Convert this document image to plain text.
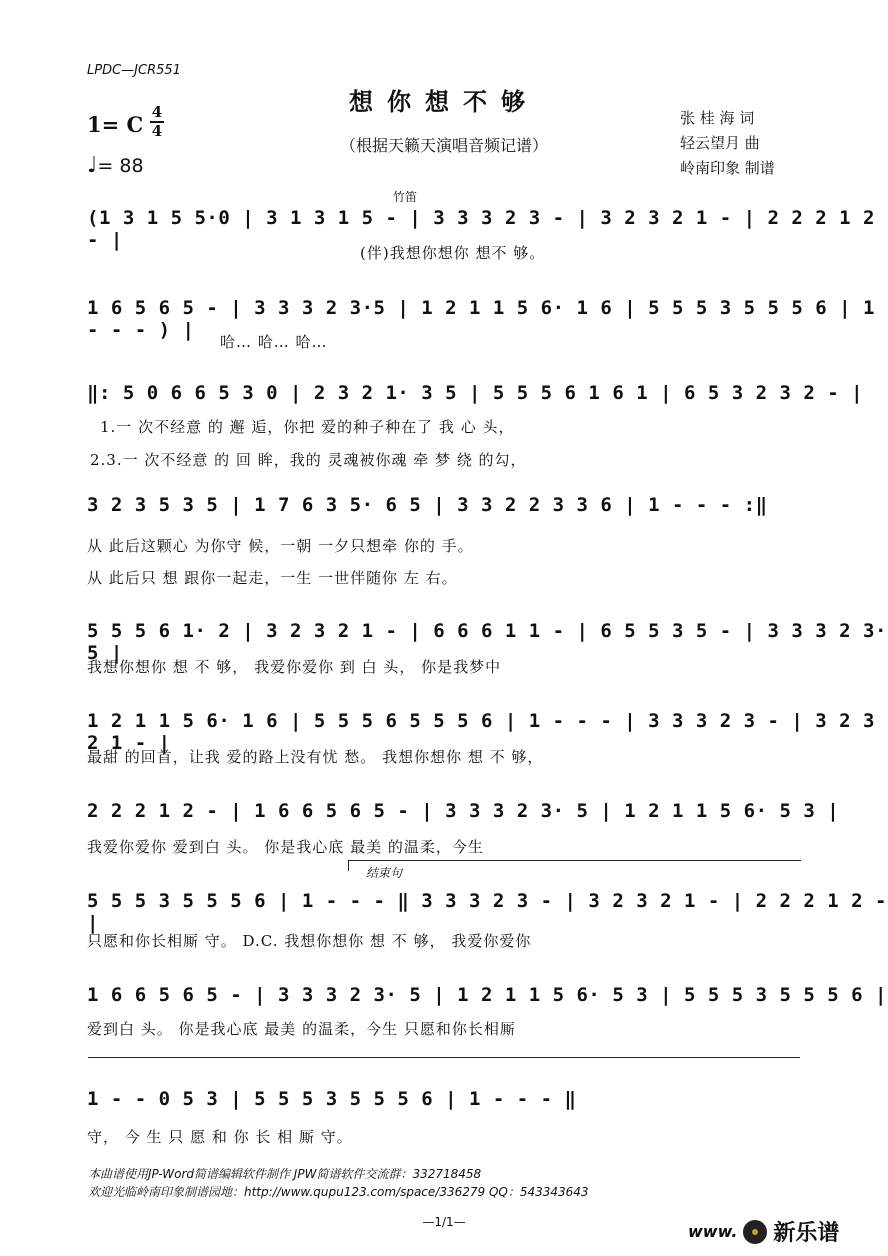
LPDC—JCR551
想你想不够
（根据天籁天演唱音频记谱）
张 桂 海 词
轻云望月 曲
岭南印象 制谱
1= C 4
4
♩= 88
竹笛
(1 3 1 5 5·0 | 3 1 3 1 5 - | 3 3 3 2 3 - | 3 2 3 2 1 - | 2 2 2 1 2 - |
(伴)我想你想你 想不 够。
1 6 5 6 5 - | 3 3 3 2 3·5 | 1 2 1 1 5 6· 1 6 | 5 5 5 3 5 5 5 6 | 1 - - - ) |
哈… 哈… 哈…
‖: 5 0 6 6 5 3 0 | 2 3 2 1· 3 5 | 5 5 5 6 1 6 1 | 6 5 3 2 3 2 - |
1.一 次不经意 的 邂 逅，你把 爱的种子种在了 我 心 头，
2.3.一 次不经意 的 回 眸，我的 灵魂被你魂 牵 梦 绕 的勾，
3 2 3 5 3 5 | 1 7 6 3 5· 6 5 | 3 3 2 2 3 3 6 | 1 - - - :‖
从 此后这颗心 为你守 候，一朝 一夕只想牵 你的 手。
从 此后只 想 跟你一起走，一生 一世伴随你 左 右。
5 5 5 6 1· 2 | 3 2 3 2 1 - | 6 6 6 1 1 - | 6 5 5 3 5 - | 3 3 3 2 3· 5 |
我想你想你 想 不 够， 我爱你爱你 到 白 头， 你是我梦中
1 2 1 1 5 6· 1 6 | 5 5 5 6 5 5 5 6 | 1 - - - | 3 3 3 2 3 - | 3 2 3 2 1 - |
最甜 的回首，让我 爱的路上没有忧 愁。 我想你想你 想 不 够，
2 2 2 1 2 - | 1 6 6 5 6 5 - | 3 3 3 2 3· 5 | 1 2 1 1 5 6· 5 3 |
我爱你爱你 爱到白 头。 你是我心底 最美 的温柔，今生
结束句
5 5 5 3 5 5 5 6 | 1 - - - ‖ 3 3 3 2 3 - | 3 2 3 2 1 - | 2 2 2 1 2 - |
只愿和你长相厮 守。 D.C. 我想你想你 想 不 够， 我爱你爱你
1 6 6 5 6 5 - | 3 3 3 2 3· 5 | 1 2 1 1 5 6· 5 3 | 5 5 5 3 5 5 5 6 |
爱到白 头。 你是我心底 最美 的温柔，今生 只愿和你长相厮
1 - - 0 5 3 | 5 5 5 3 5 5 5 6 | 1 - - - ‖
守， 今 生 只 愿 和 你 长 相 厮 守。
本曲谱使用JP-Word简谱编辑软件制作 JPW简谱软件交流群：332718458
欢迎光临岭南印象制谱园地：http://www.qupu123.com/space/336279 QQ：543343643
—1/1—	www. 新乐谱
